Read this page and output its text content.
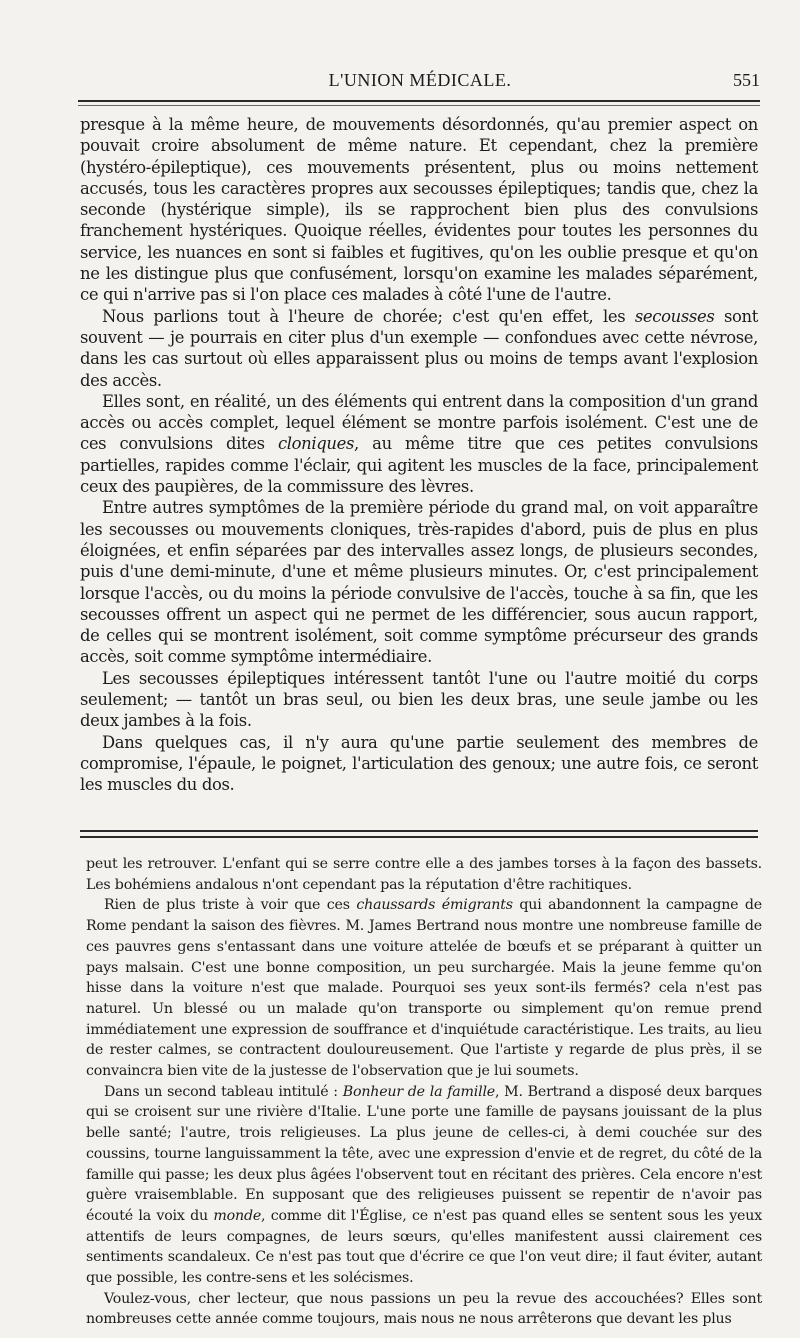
L'UNION MÉDICALE.	551

presque à la même heure, de mouvements désordonnés, qu'au premier aspect on pouvait croire absolument de même nature. Et cependant, chez la première (hystéro-épileptique), ces mouvements présentent, plus ou moins nettement accusés, tous les caractères propres aux secousses épileptiques; tandis que, chez la seconde (hystérique simple), ils se rapprochent bien plus des convulsions franchement hystériques. Quoique réelles, évidentes pour toutes les personnes du service, les nuances en sont si faibles et fugitives, qu'on les oublie presque et qu'on ne les distingue plus que confusément, lorsqu'on examine les malades séparément, ce qui n'arrive pas si l'on place ces malades à côté l'une de l'autre.

Nous parlions tout à l'heure de chorée; c'est qu'en effet, les secousses sont souvent — je pourrais en citer plus d'un exemple — confondues avec cette névrose, dans les cas surtout où elles apparaissent plus ou moins de temps avant l'explosion des accès.

Elles sont, en réalité, un des éléments qui entrent dans la composition d'un grand accès ou accès complet, lequel élément se montre parfois isolément. C'est une de ces convulsions dites cloniques, au même titre que ces petites convulsions partielles, rapides comme l'éclair, qui agitent les muscles de la face, principalement ceux des paupières, de la commissure des lèvres.

Entre autres symptômes de la première période du grand mal, on voit apparaître les secousses ou mouvements cloniques, très-rapides d'abord, puis de plus en plus éloignées, et enfin séparées par des intervalles assez longs, de plusieurs secondes, puis d'une demi-minute, d'une et même plusieurs minutes. Or, c'est principalement lorsque l'accès, ou du moins la période convulsive de l'accès, touche à sa fin, que les secousses offrent un aspect qui ne permet de les différencier, sous aucun rapport, de celles qui se montrent isolément, soit comme symptôme précurseur des grands accès, soit comme symptôme intermédiaire.

Les secousses épileptiques intéressent tantôt l'une ou l'autre moitié du corps seulement; — tantôt un bras seul, ou bien les deux bras, une seule jambe ou les deux jambes à la fois.

Dans quelques cas, il n'y aura qu'une partie seulement des membres de compromise, l'épaule, le poignet, l'articulation des genoux; une autre fois, ce seront les muscles du dos.

peut les retrouver. L'enfant qui se serre contre elle a des jambes torses à la façon des bassets. Les bohémiens andalous n'ont cependant pas la réputation d'être rachitiques.

Rien de plus triste à voir que ces chaussards émigrants qui abandonnent la campagne de Rome pendant la saison des fièvres. M. James Bertrand nous montre une nombreuse famille de ces pauvres gens s'entassant dans une voiture attelée de bœufs et se préparant à quitter un pays malsain. C'est une bonne composition, un peu surchargée. Mais la jeune femme qu'on hisse dans la voiture n'est que malade. Pourquoi ses yeux sont-ils fermés? cela n'est pas naturel. Un blessé ou un malade qu'on transporte ou simplement qu'on remue prend immédiatement une expression de souffrance et d'inquiétude caractéristique. Les traits, au lieu de rester calmes, se contractent douloureusement. Que l'artiste y regarde de plus près, il se convaincra bien vite de la justesse de l'observation que je lui soumets.

Dans un second tableau intitulé : Bonheur de la famille, M. Bertrand a disposé deux barques qui se croisent sur une rivière d'Italie. L'une porte une famille de paysans jouissant de la plus belle santé; l'autre, trois religieuses. La plus jeune de celles-ci, à demi couchée sur des coussins, tourne languissamment la tête, avec une expression d'envie et de regret, du côté de la famille qui passe; les deux plus âgées l'observent tout en récitant des prières. Cela encore n'est guère vraisemblable. En supposant que des religieuses puissent se repentir de n'avoir pas écouté la voix du monde, comme dit l'Église, ce n'est pas quand elles se sentent sous les yeux attentifs de leurs compagnes, de leurs sœurs, qu'elles manifestent aussi clairement ces sentiments scandaleux. Ce n'est pas tout que d'écrire ce que l'on veut dire; il faut éviter, autant que possible, les contre-sens et les solécismes.

Voulez-vous, cher lecteur, que nous passions un peu la revue des accouchées? Elles sont nombreuses cette année comme toujours, mais nous ne nous arrêterons que devant les plus
